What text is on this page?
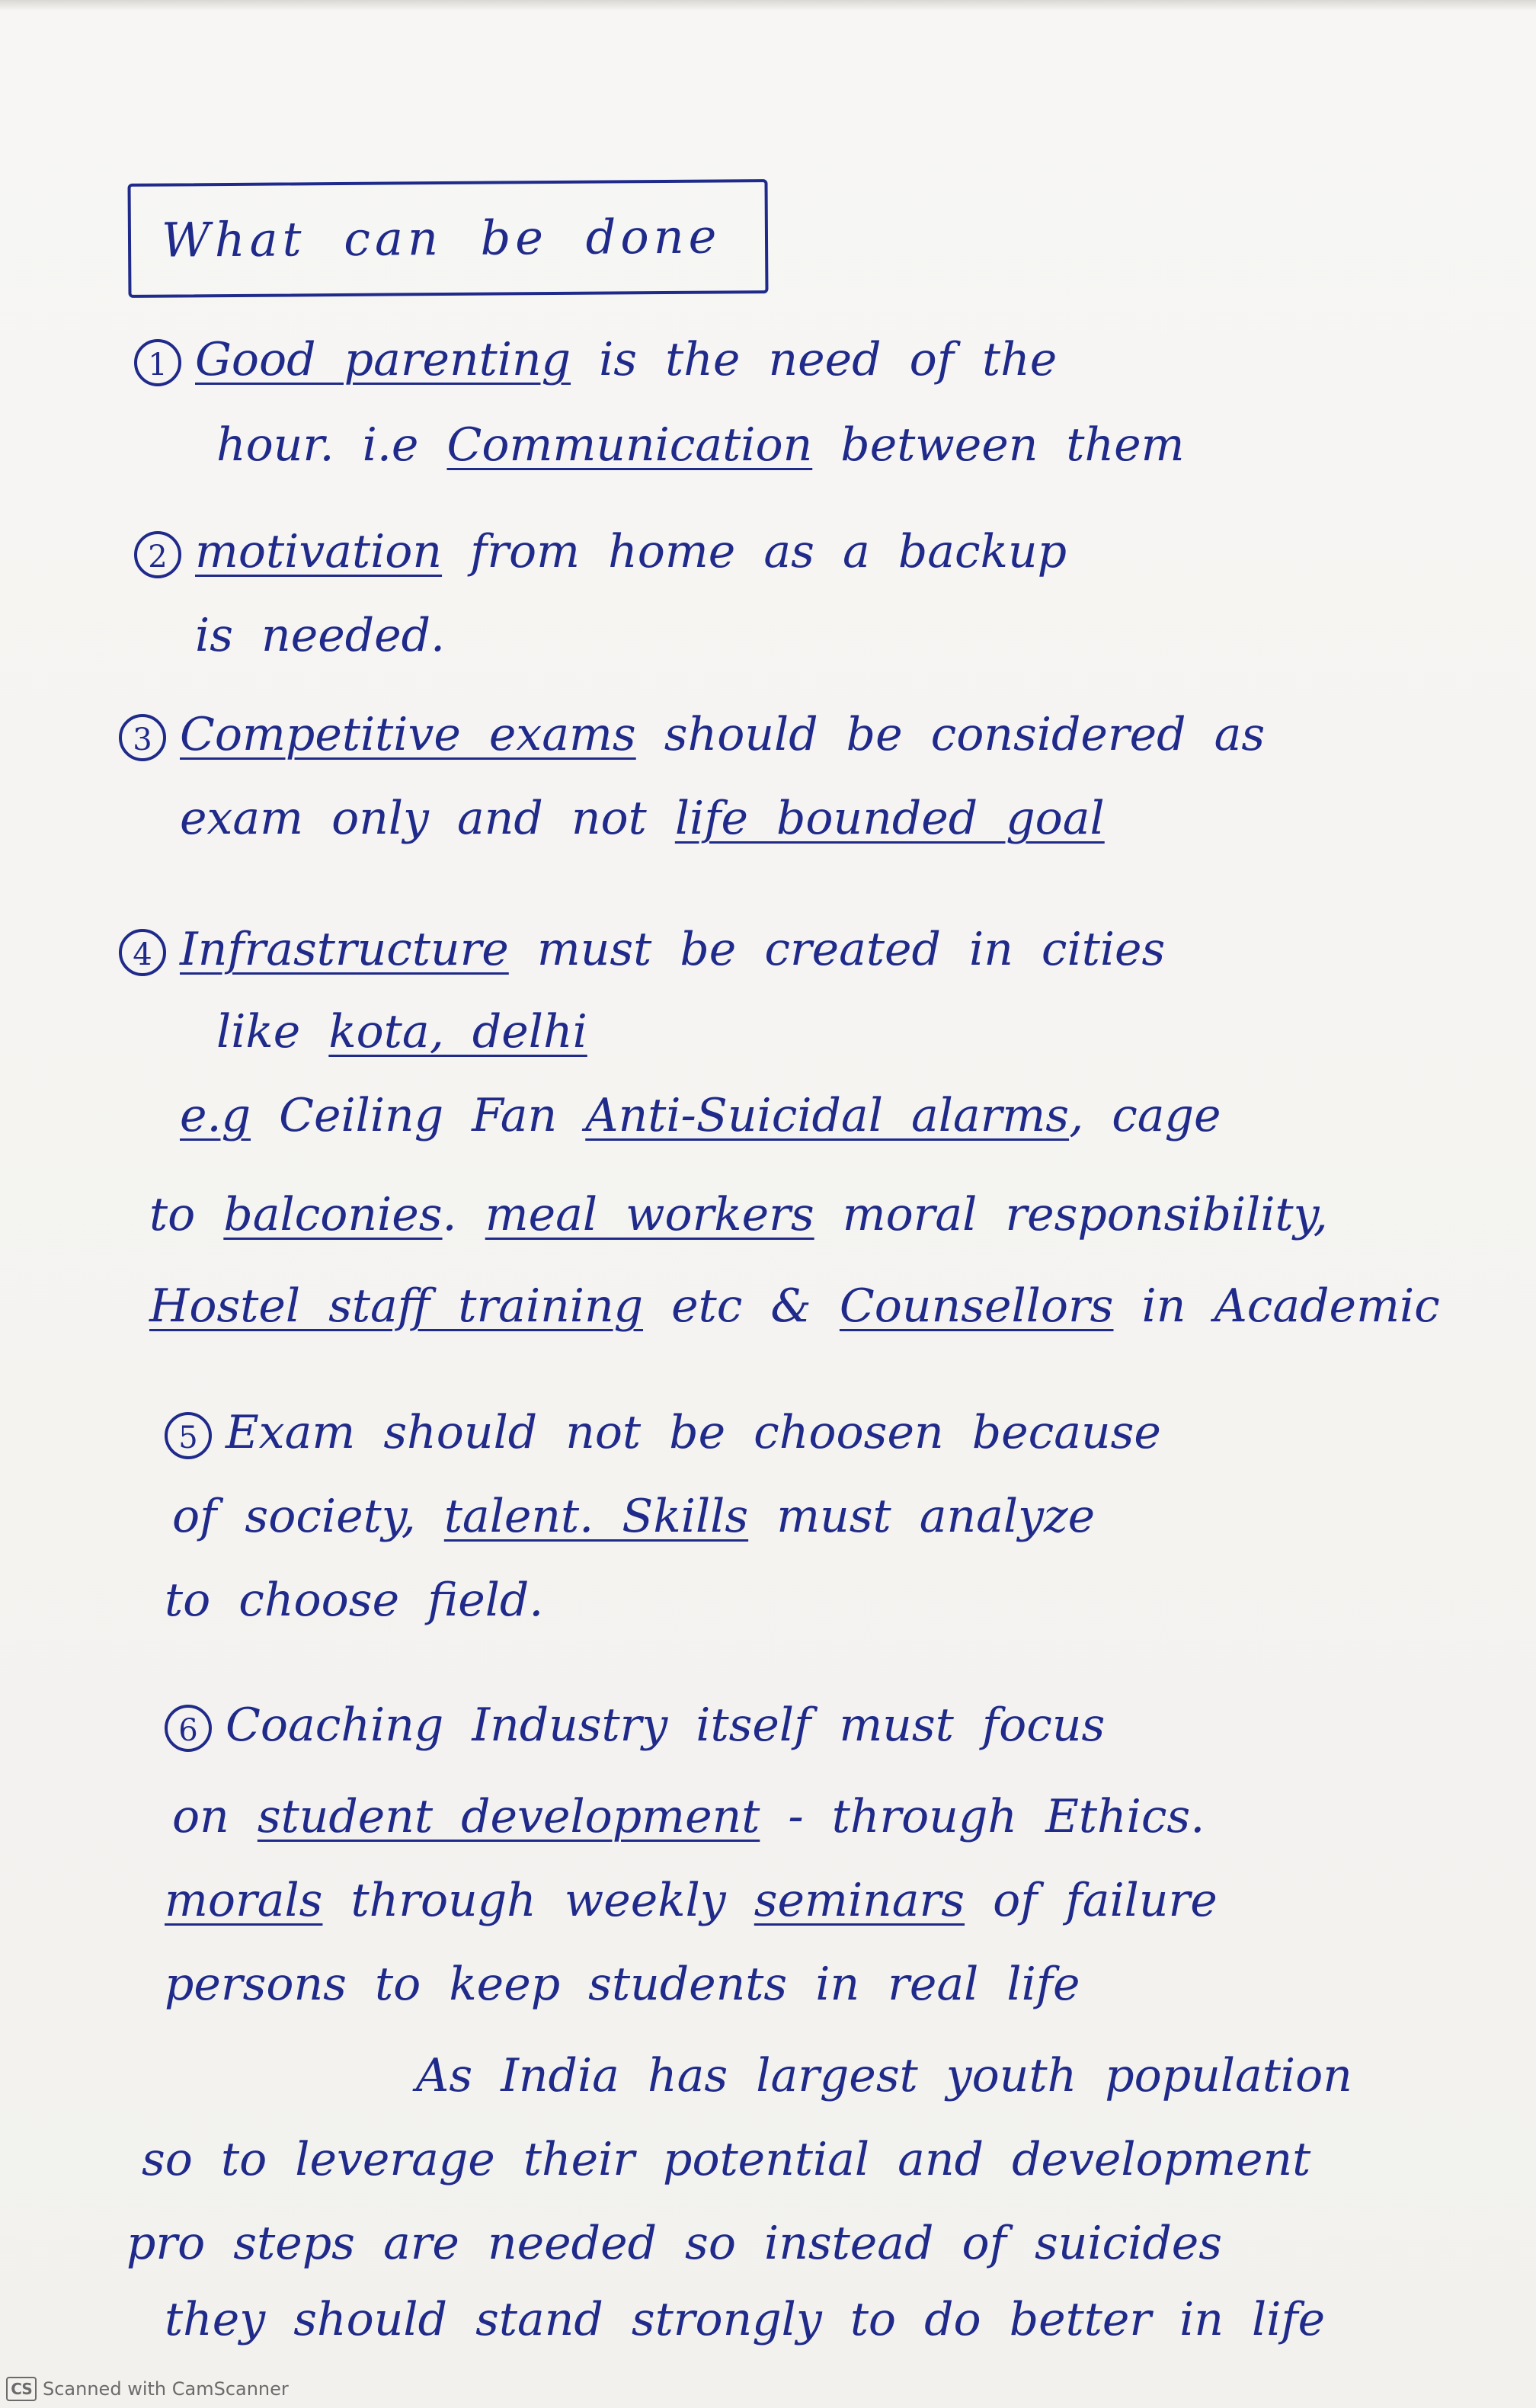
What can be done
1 Good parenting is the need of the
hour. i.e Communication between them
2 motivation from home as a backup
is needed.
3 Competitive exams should be considered as
exam only and not life bounded goal
4 Infrastructure must be created in cities
like kota, delhi
e.g Ceiling Fan Anti-Suicidal alarms, cage
to balconies. meal workers moral responsibility,
Hostel staff training etc & Counsellors in Academic
5 Exam should not be choosen because
of society, talent. Skills must analyze
to choose field.
6 Coaching Industry itself must focus
on student development - through Ethics.
morals through weekly seminars of failure
persons to keep students in real life
As India has largest youth population
so to leverage their potential and development
pro steps are needed so instead of suicides
they should stand strongly to do better in life
CS Scanned with CamScanner
